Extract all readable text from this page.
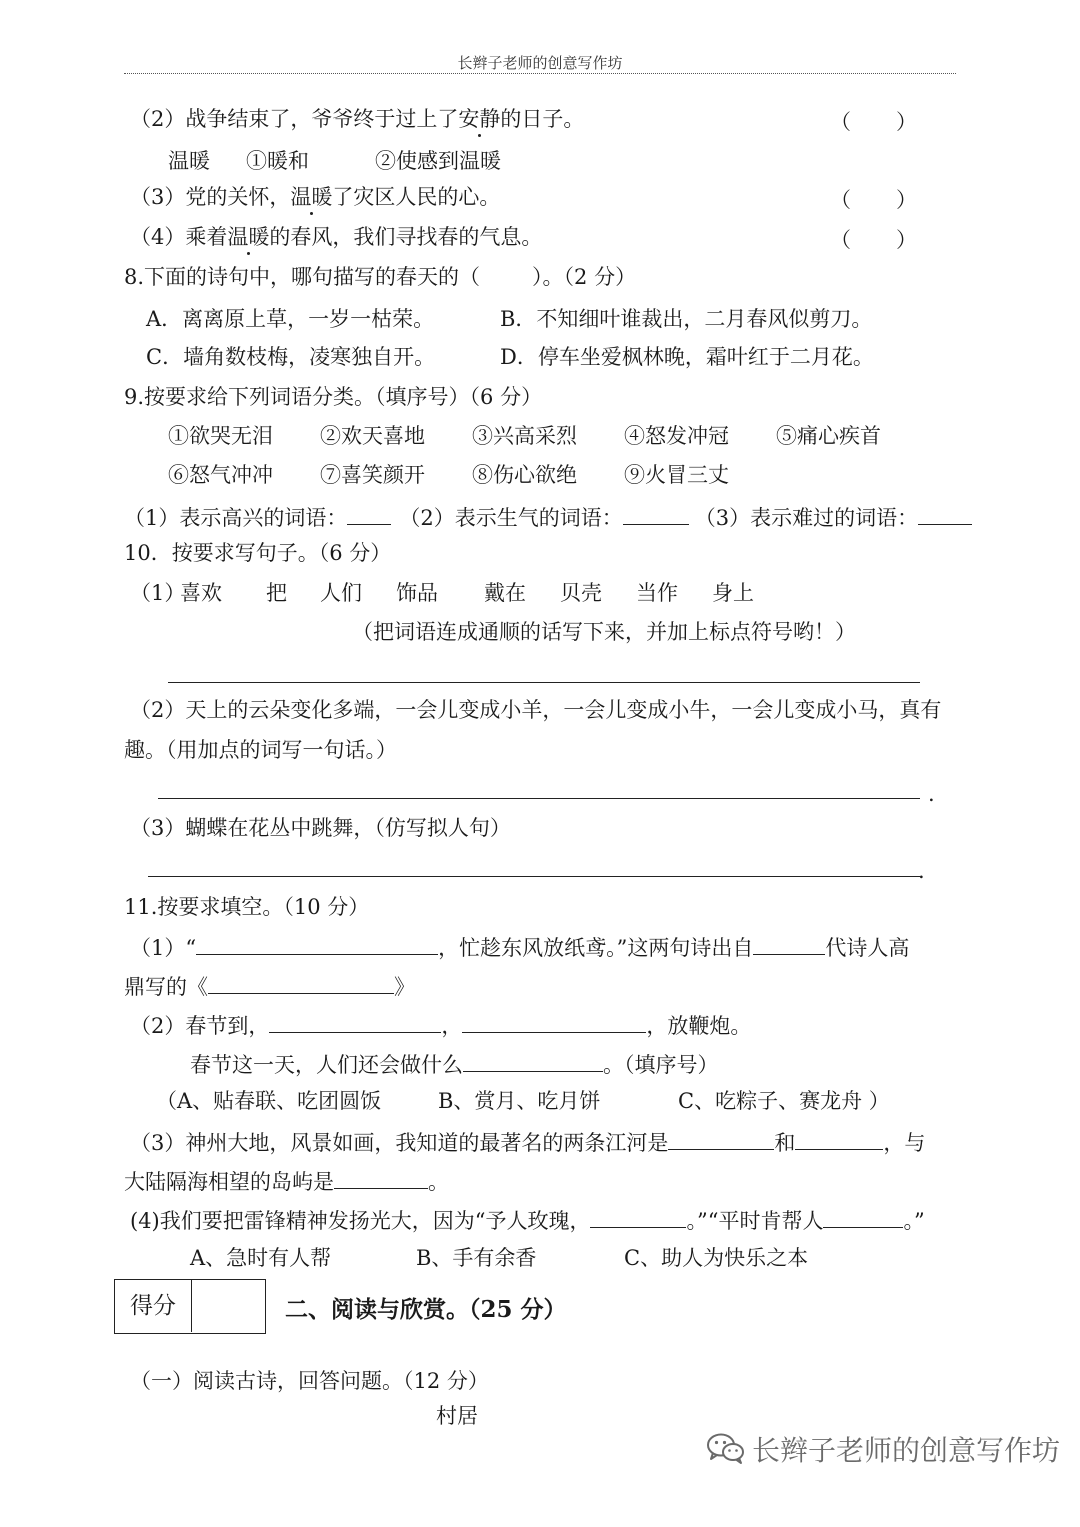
长辫子老师的创意写作坊
（2）战争结束了，爷爷终于过上了安静的日子。	（ ）
温暖 ①暖和	②使感到温暖
（3）党的关怀，温暖了灾区人民的心。	（ ）
（4）乘着温暖的春风，我们寻找春的气息。	（ ）
8.下面的诗句中，哪句描写的春天的（ ）。（2 分）
A．离离原上草，一岁一枯荣。	B．不知细叶谁裁出，二月春风似剪刀。
C．墙角数枝梅，凌寒独自开。	D．停车坐爱枫林晚，霜叶红于二月花。
9.按要求给下列词语分类。（填序号）（6 分）
①欲哭无泪 ②欢天喜地 ③兴高采烈 ④怒发冲冠 ⑤痛心疾首
⑥怒气冲冲 ⑦喜笑颜开 ⑧伤心欲绝 ⑨火冒三丈
（1）表示高兴的词语： （2）表示生气的词语：	（3）表示难过的词语：
10．按要求写句子。（6 分）
（1）
喜欢 把 人们 饰品 戴在 贝壳 当作 身上
（把词语连成通顺的话写下来，并加上标点符号哟！）
（2）天上的云朵变化多端，一会儿变成小羊，一会儿变成小牛，一会儿变成小马，真有
趣。（用加点的词写一句话。）
.
（3）蝴蝶在花丛中跳舞，（仿写拟人句）
.
11.按要求填空。（10 分）
（1）“	，忙趁东风放纸鸢。”这两句诗出自	代诗人高
鼎写的《	》
（2）春节到，	，	，放鞭炮。
春节这一天，人们还会做什么	。（填序号）
（A、贴春联、吃团圆饭	B、赏月、吃月饼	C、吃粽子、赛龙舟 ）
（3）神州大地，风景如画，我知道的最著名的两条江河是	和	，与
大陆隔海相望的岛屿是	。
(4)我们要把雷锋精神发扬光大，因为“予人玫瑰，	。”“平时肯帮人	。”
A、急时有人帮	B、手有余香	C、助人为快乐之本
得分	二、阅读与欣赏。（25 分）
（一）阅读古诗，回答问题。（12 分）
村居
长辫子老师的创意写作坊
